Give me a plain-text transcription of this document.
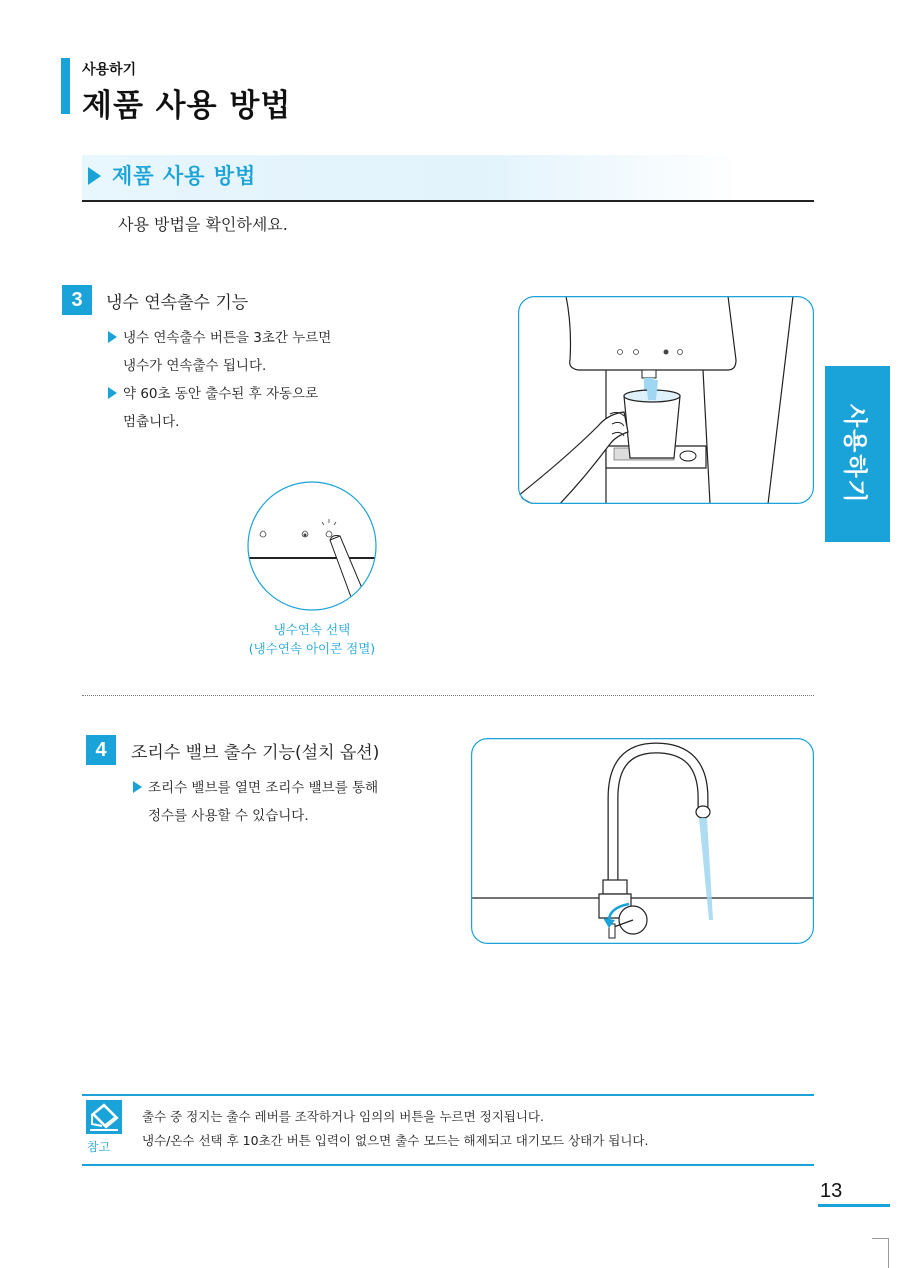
사용하기
제품 사용 방법
제품 사용 방법
사용 방법을 확인하세요.
3	냉수 연속출수 기능
냉수 연속출수 버튼을 3초간 누르면
냉수가 연속출수 됩니다.
약 60초 동안 출수된 후 자동으로
멈춥니다.
냉수연속 선택
(냉수연속 아이콘 점멸)
사용하기
4	조리수 밸브 출수 기능(설치 옵션)
조리수 밸브를 열면 조리수 밸브를 통해
정수를 사용할 수 있습니다.
참고
출수 중 정지는 출수 레버를 조작하거나 임의의 버튼을 누르면 정지됩니다.
냉수/온수 선택 후 10초간 버튼 입력이 없으면 출수 모드는 해제되고 대기모드 상태가 됩니다.
13
